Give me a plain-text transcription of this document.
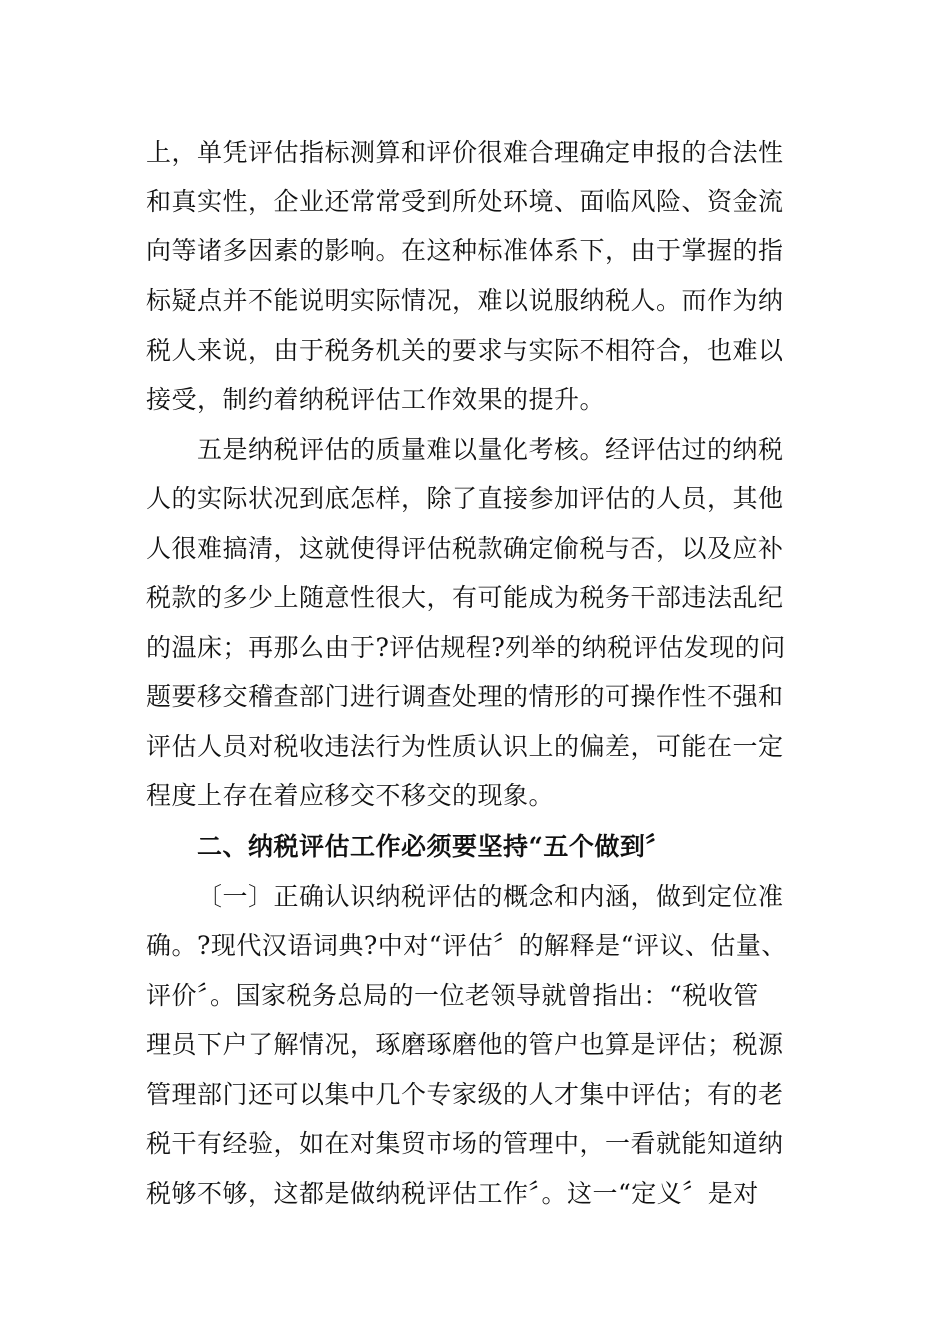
上，单凭评估指标测算和评价很难合理确定申报的合法性
和真实性，企业还常常受到所处环境、面临风险、资金流
向等诸多因素的影响。在这种标准体系下，由于掌握的指
标疑点并不能说明实际情况，难以说服纳税人。而作为纳
税人来说，由于税务机关的要求与实际不相符合，也难以
接受，制约着纳税评估工作效果的提升。
五是纳税评估的质量难以量化考核。经评估过的纳税
人的实际状况到底怎样，除了直接参加评估的人员，其他
人很难搞清，这就使得评估税款确定偷税与否，以及应补
税款的多少上随意性很大，有可能成为税务干部违法乱纪
的温床；再那么由于?评估规程?列举的纳税评估发现的问
题要移交稽查部门进行调查处理的情形的可操作性不强和
评估人员对税收违法行为性质认识上的偏差，可能在一定
程度上存在着应移交不移交的现象。
二、纳税评估工作必须要坚持“五个做到〞
〔一〕正确认识纳税评估的概念和内涵，做到定位准
确。?现代汉语词典?中对“评估〞的解释是“评议、估量、
评价〞。国家税务总局的一位老领导就曾指出：“税收管
理员下户了解情况，琢磨琢磨他的管户也算是评估；税源
管理部门还可以集中几个专家级的人才集中评估；有的老
税干有经验，如在对集贸市场的管理中，一看就能知道纳
税够不够，这都是做纳税评估工作〞。这一“定义〞是对
